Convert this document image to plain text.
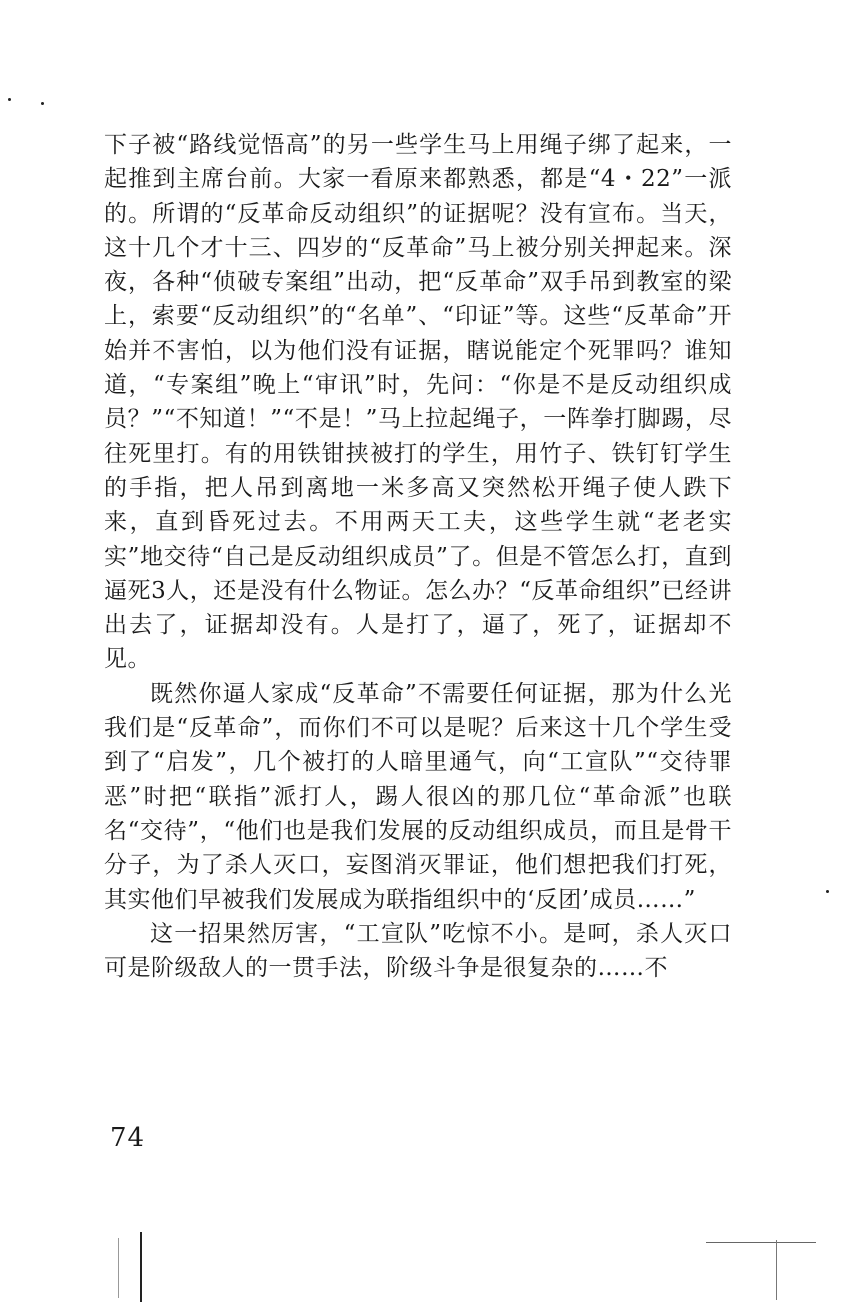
下子被“路线觉悟高”的另一些学生马上用绳子绑了起来，一起推到主席台前。大家一看原来都熟悉，都是“4・22”一派的。所谓的“反革命反动组织”的证据呢？没有宣布。当天，这十几个才十三、四岁的“反革命”马上被分别关押起来。深夜，各种“侦破专案组”出动，把“反革命”双手吊到教室的梁上，索要“反动组织”的“名单”、“印证”等。这些“反革命”开始并不害怕，以为他们没有证据，瞎说能定个死罪吗？谁知道，“专案组”晚上“审讯”时，先问：“你是不是反动组织成员？”“不知道！”“不是！”马上拉起绳子，一阵拳打脚踢，尽往死里打。有的用铁钳挟被打的学生，用竹子、铁钉钉学生的手指，把人吊到离地一米多高又突然松开绳子使人跌下来，直到昏死过去。不用两天工夫，这些学生就“老老实实”地交待“自己是反动组织成员”了。但是不管怎么打，直到逼死3人，还是没有什么物证。怎么办？“反革命组织”已经讲出去了，证据却没有。人是打了，逼了，死了，证据却不见。

既然你逼人家成“反革命”不需要任何证据，那为什么光我们是“反革命”，而你们不可以是呢？后来这十几个学生受到了“启发”，几个被打的人暗里通气，向“工宣队”“交待罪恶”时把“联指”派打人，踢人很凶的那几位“革命派”也联名“交待”，“他们也是我们发展的反动组织成员，而且是骨干分子，为了杀人灭口，妄图消灭罪证，他们想把我们打死，其实他们早被我们发展成为联指组织中的‘反团’成员……”

这一招果然厉害，“工宣队”吃惊不小。是呵，杀人灭口可是阶级敌人的一贯手法，阶级斗争是很复杂的……不

74
